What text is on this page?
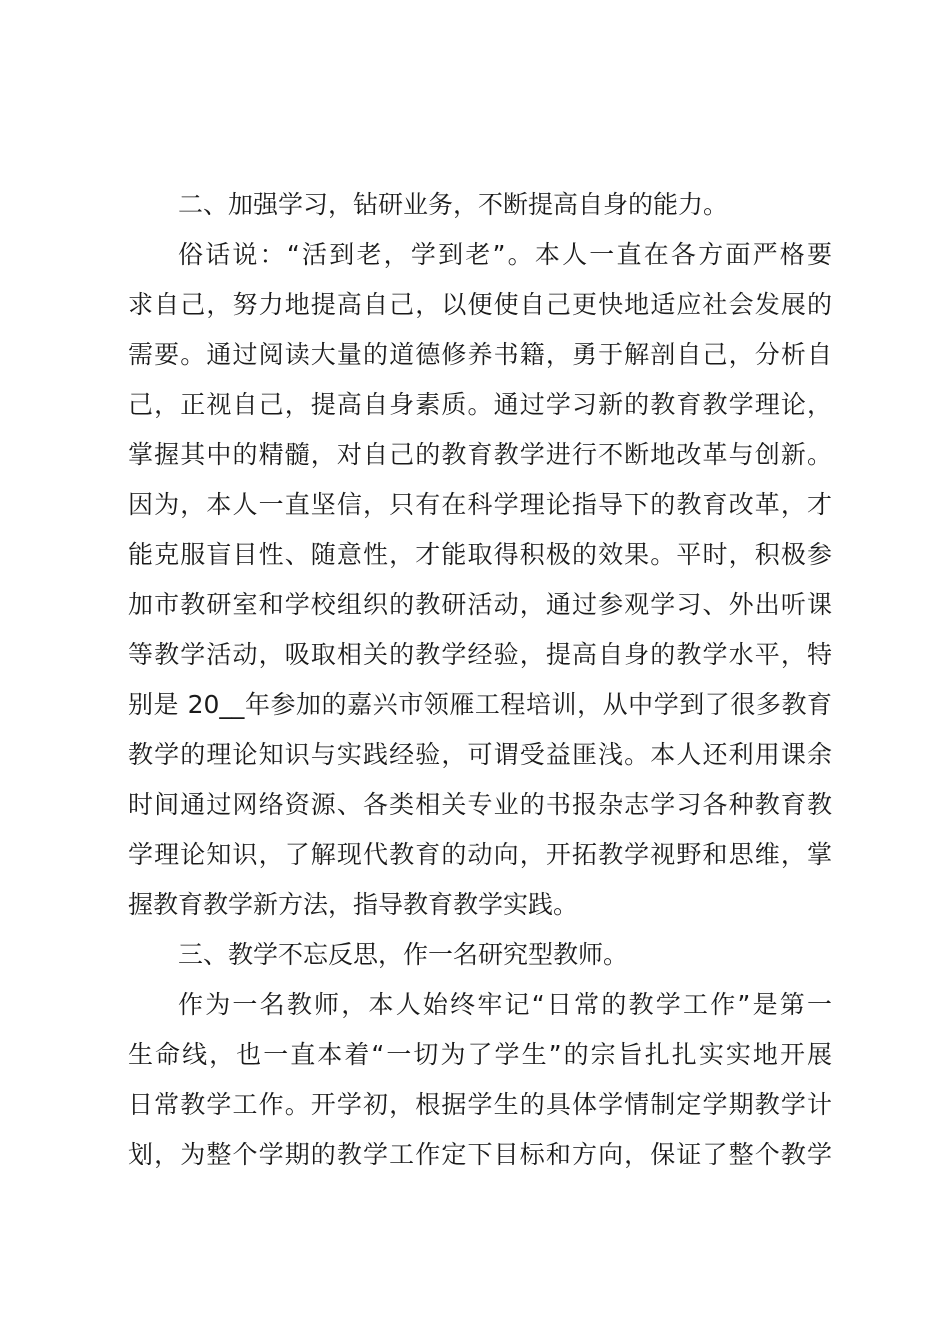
二、加强学习，钻研业务，不断提高自身的能力。
俗话说：“活到老，学到老”。本人一直在各方面严格要
求自己，努力地提高自己，以便使自己更快地适应社会发展的
需要。通过阅读大量的道德修养书籍，勇于解剖自己，分析自
己，正视自己，提高自身素质。通过学习新的教育教学理论，
掌握其中的精髓，对自己的教育教学进行不断地改革与创新。
因为，本人一直坚信，只有在科学理论指导下的教育改革，才
能克服盲目性、随意性，才能取得积极的效果。平时，积极参
加市教研室和学校组织的教研活动，通过参观学习、外出听课
等教学活动，吸取相关的教学经验，提高自身的教学水平，特
别是 20__年参加的嘉兴市领雁工程培训，从中学到了很多教育
教学的理论知识与实践经验，可谓受益匪浅。本人还利用课余
时间通过网络资源、各类相关专业的书报杂志学习各种教育教
学理论知识，了解现代教育的动向，开拓教学视野和思维，掌
握教育教学新方法，指导教育教学实践。
三、教学不忘反思，作一名研究型教师。
作为一名教师，本人始终牢记“日常的教学工作”是第一
生命线，也一直本着“一切为了学生”的宗旨扎扎实实地开展
日常教学工作。开学初，根据学生的具体学情制定学期教学计
划，为整个学期的教学工作定下目标和方向，保证了整个教学
